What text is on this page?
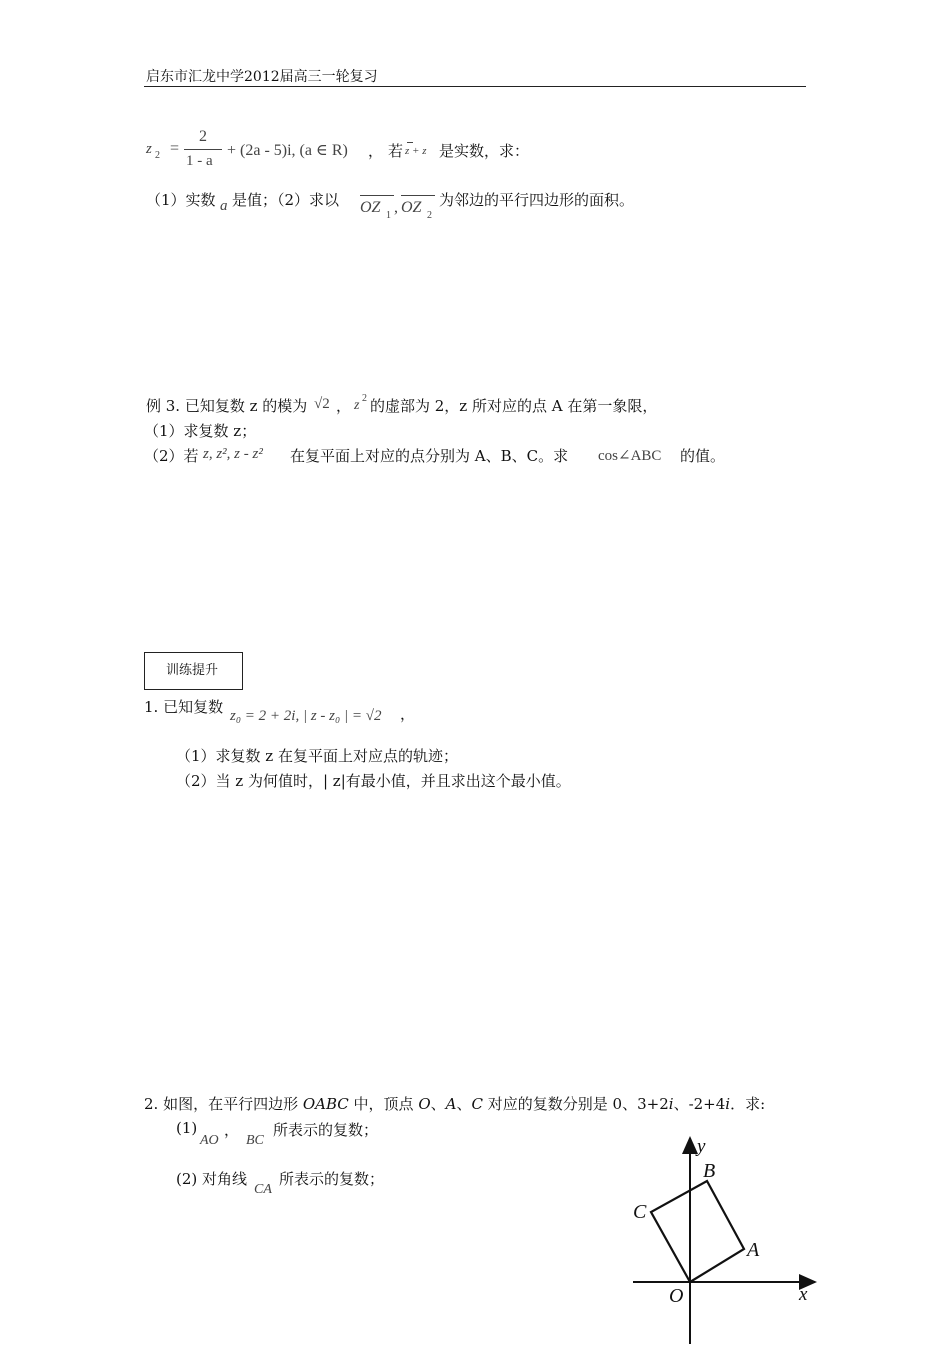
启东市汇龙中学2012届高三一轮复习
z 2 =
2
1 - a
+ (2a - 5)i, (a ∈ R) ， 若 z + z 是实数，求：
（1）实数 a 是值；（2）求以 OZ 1 , OZ 2
为邻边的平行四边形的面积。
例 3. 已知复数 z 的模为 √2 ， z 2 的虚部为 2，z 所对应的点 A 在第一象限，
（1）求复数 z；
（2）若 z, z², z - z² 在复平面上对应的点分别为 A、B、C。求 cos∠ABC 的值。
训练提升
1. 已知复数 z₀ = 2 + 2i, | z - z₀ | = √2 ，
（1）求复数 z 在复平面上对应点的轨迹；
（2）当 z 为何值时，| z|有最小值，并且求出这个最小值。
2. 如图，在平行四边形 OABC 中，顶点 O、A、C 对应的复数分别是 0、3+2i、-2+4i．求:
(1)
AO
，
BC
所表示的复数；
(2) 对角线
CA
所表示的复数；
y
x
O
A
B
C
